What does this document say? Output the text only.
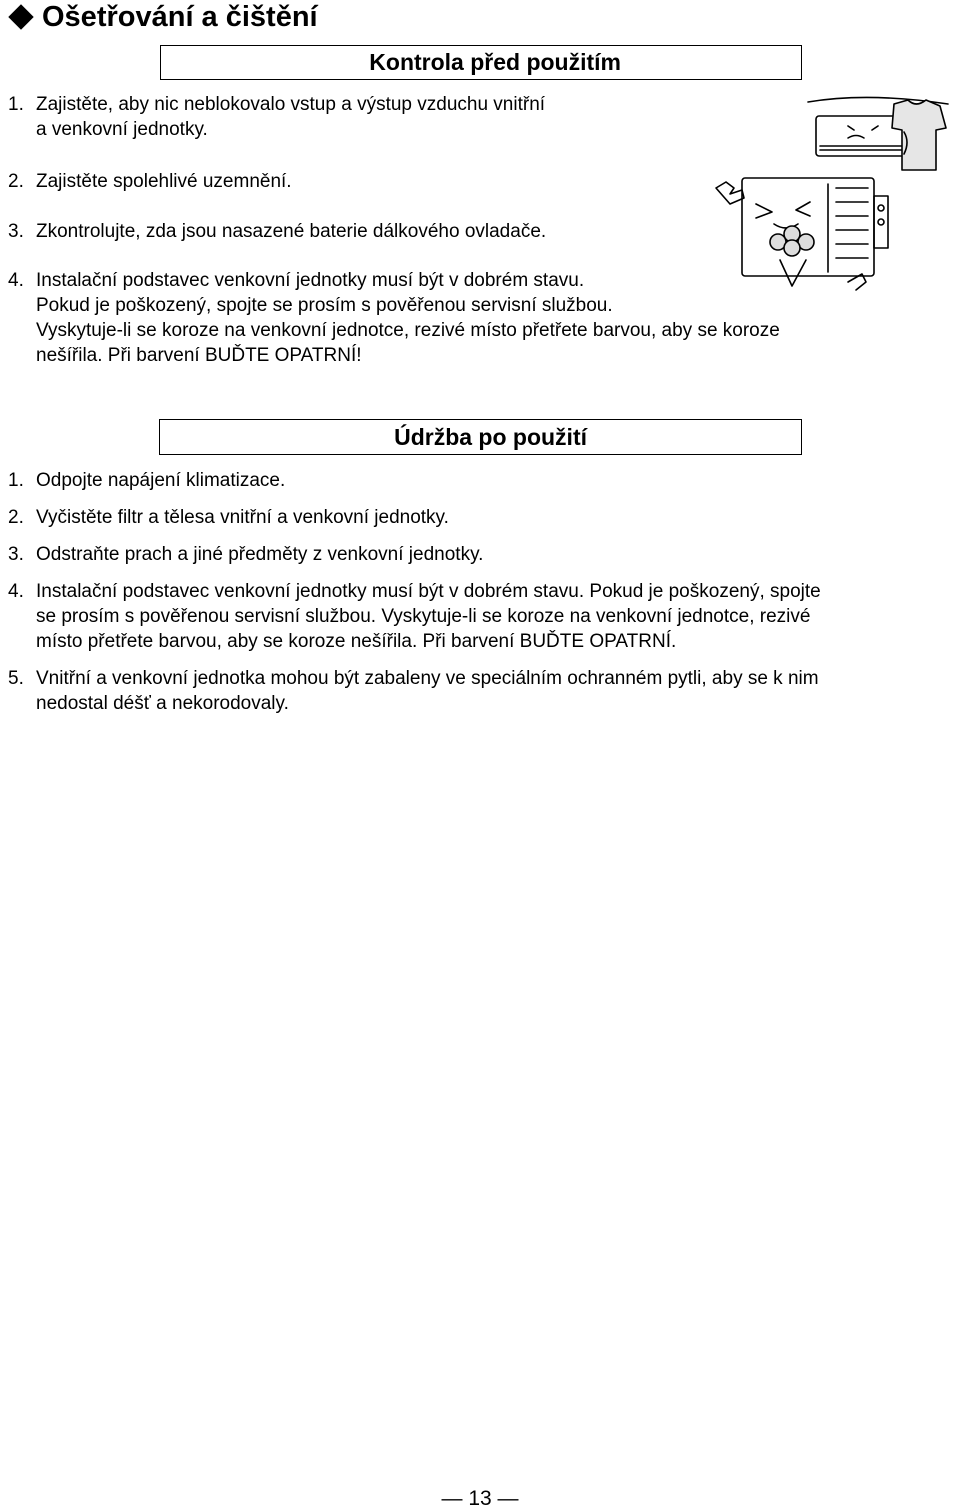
Ošetřování a čištění
Kontrola před použitím
1. Zajistěte, aby nic neblokovalo vstup a výstup vzduchu vnitřní
a venkovní jednotky.
2. Zajistěte spolehlivé uzemnění.
3. Zkontrolujte, zda jsou nasazené baterie dálkového ovladače.
4. Instalační podstavec venkovní jednotky musí být v dobrém stavu.
Pokud je poškozený, spojte se prosím s pověřenou servisní službou.
Vyskytuje-li se koroze na venkovní jednotce, rezivé místo přetřete barvou, aby se koroze
nešířila. Při barvení BUĎTE OPATRNÍ!
Údržba po použití
1. Odpojte napájení klimatizace.
2. Vyčistěte filtr a tělesa vnitřní a venkovní jednotky.
3. Odstraňte prach a jiné předměty z venkovní jednotky.
4. Instalační podstavec venkovní jednotky musí být v dobrém stavu. Pokud je poškozený, spojte
se prosím s pověřenou servisní službou. Vyskytuje-li se koroze na venkovní jednotce, rezivé
místo přetřete barvou, aby se koroze nešířila. Při barvení BUĎTE OPATRNÍ.
5. Vnitřní a venkovní jednotka mohou být zabaleny ve speciálním ochranném pytli, aby se k nim
nedostal déšť a nekorodovaly.
— 13 —
